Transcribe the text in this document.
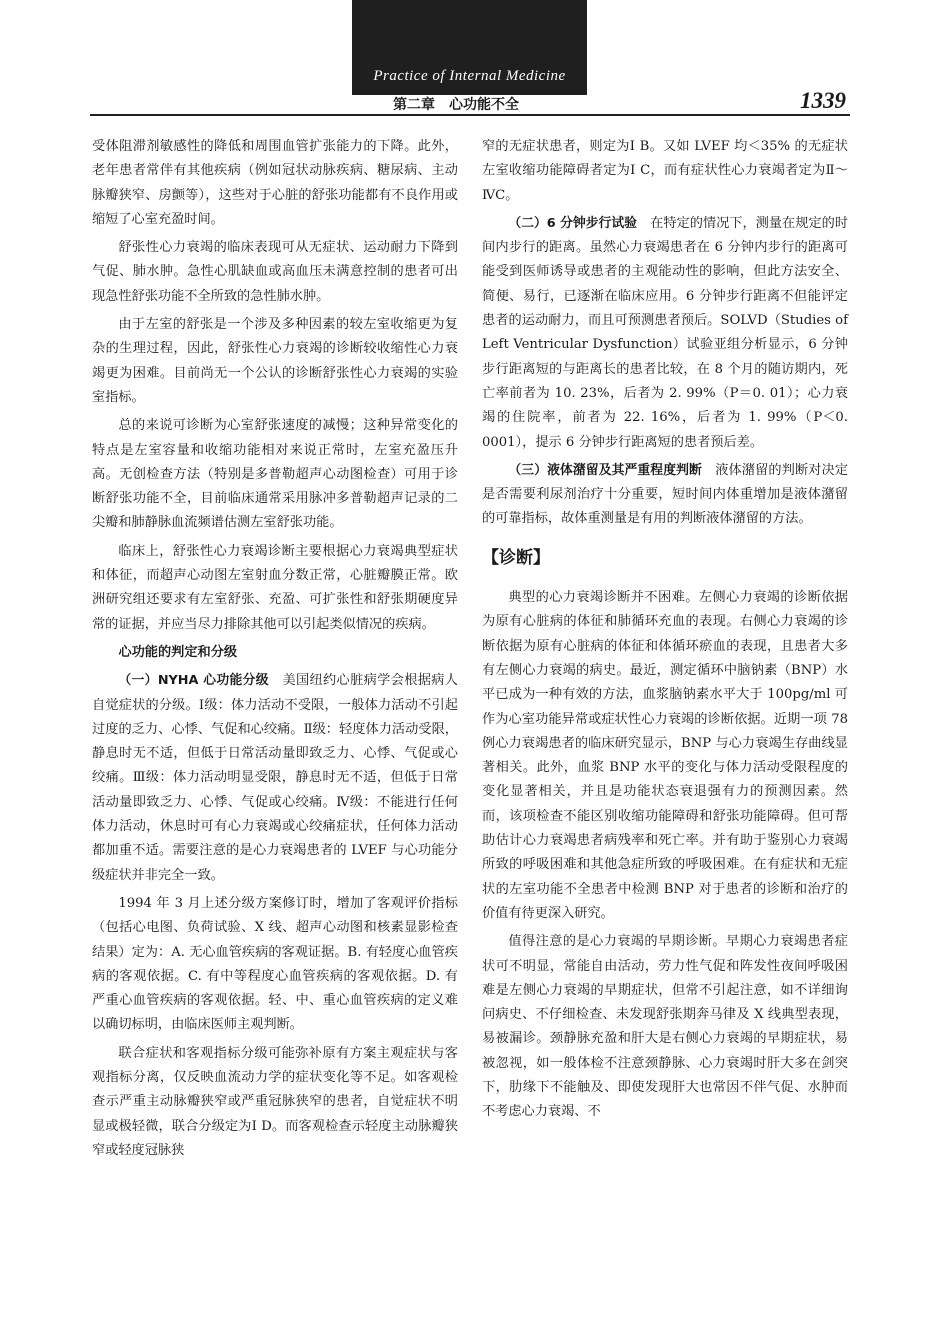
Practice of Internal Medicine
第二章　心功能不全	1339

受体阻滞剂敏感性的降低和周围血管扩张能力的下降。此外，老年患者常伴有其他疾病（例如冠状动脉疾病、糖尿病、主动脉瓣狭窄、房颤等），这些对于心脏的舒张功能都有不良作用或缩短了心室充盈时间。

舒张性心力衰竭的临床表现可从无症状、运动耐力下降到气促、肺水肿。急性心肌缺血或高血压未满意控制的患者可出现急性舒张功能不全所致的急性肺水肿。

由于左室的舒张是一个涉及多种因素的较左室收缩更为复杂的生理过程，因此，舒张性心力衰竭的诊断较收缩性心力衰竭更为困难。目前尚无一个公认的诊断舒张性心力衰竭的实验室指标。

总的来说可诊断为心室舒张速度的减慢；这种异常变化的特点是左室容量和收缩功能相对来说正常时，左室充盈压升高。无创检查方法（特别是多普勒超声心动图检查）可用于诊断舒张功能不全，目前临床通常采用脉冲多普勒超声记录的二尖瓣和肺静脉血流频谱估测左室舒张功能。

临床上，舒张性心力衰竭诊断主要根据心力衰竭典型症状和体征，而超声心动图左室射血分数正常，心脏瓣膜正常。欧洲研究组还要求有左室舒张、充盈、可扩张性和舒张期硬度异常的证据，并应当尽力排除其他可以引起类似情况的疾病。

心功能的判定和分级

（一）NYHA 心功能分级　 美国纽约心脏病学会根据病人自觉症状的分级。Ⅰ级：体力活动不受限，一般体力活动不引起过度的乏力、心悸、气促和心绞痛。Ⅱ级：轻度体力活动受限，静息时无不适，但低于日常活动量即致乏力、心悸、气促或心绞痛。Ⅲ级：体力活动明显受限，静息时无不适，但低于日常活动量即致乏力、心悸、气促或心绞痛。Ⅳ级：不能进行任何体力活动，休息时可有心力衰竭或心绞痛症状，任何体力活动都加重不适。需要注意的是心力衰竭患者的 LVEF 与心功能分级症状并非完全一致。

1994 年 3 月上述分级方案修订时，增加了客观评价指标（包括心电图、负荷试验、X 线、超声心动图和核素显影检查结果）定为：A. 无心血管疾病的客观证据。B. 有轻度心血管疾病的客观依据。C. 有中等程度心血管疾病的客观依据。D. 有严重心血管疾病的客观依据。轻、中、重心血管疾病的定义难以确切标明，由临床医师主观判断。

联合症状和客观指标分级可能弥补原有方案主观症状与客观指标分离，仅反映血流动力学的症状变化等不足。如客观检查示严重主动脉瓣狭窄或严重冠脉狭窄的患者，自觉症状不明显或极轻微，联合分级定为Ⅰ D。而客观检查示轻度主动脉瓣狭窄或轻度冠脉狭

窄的无症状患者，则定为Ⅰ B。又如 LVEF 均＜35% 的无症状左室收缩功能障碍者定为Ⅰ C，而有症状性心力衰竭者定为Ⅱ～ⅣC。

（二）6 分钟步行试验　 在特定的情况下，测量在规定的时间内步行的距离。虽然心力衰竭患者在 6 分钟内步行的距离可能受到医师诱导或患者的主观能动性的影响，但此方法安全、简便、易行，已逐渐在临床应用。6 分钟步行距离不但能评定患者的运动耐力，而且可预测患者预后。SOLVD（Studies of Left Ventricular Dysfunction）试验亚组分析显示，6 分钟步行距离短的与距离长的患者比较，在 8 个月的随访期内，死亡率前者为 10. 23%，后者为 2. 99%（P＝0. 01）；心力衰竭的住院率，前者为 22. 16%，后者为 1. 99%（P＜0. 0001），提示 6 分钟步行距离短的患者预后差。

（三）液体潴留及其严重程度判断　 液体潴留的判断对决定是否需要利尿剂治疗十分重要，短时间内体重增加是液体潴留的可靠指标，故体重测量是有用的判断液体潴留的方法。

【诊断】

典型的心力衰竭诊断并不困难。左侧心力衰竭的诊断依据为原有心脏病的体征和肺循环充血的表现。右侧心力衰竭的诊断依据为原有心脏病的体征和体循环瘀血的表现，且患者大多有左侧心力衰竭的病史。最近，测定循环中脑钠素（BNP）水平已成为一种有效的方法，血浆脑钠素水平大于 100pg/ml 可作为心室功能异常或症状性心力衰竭的诊断依据。近期一项 78 例心力衰竭患者的临床研究显示，BNP 与心力衰竭生存曲线显著相关。此外，血浆 BNP 水平的变化与体力活动受限程度的变化显著相关，并且是功能状态衰退强有力的预测因素。然而，该项检查不能区别收缩功能障碍和舒张功能障碍。但可帮助估计心力衰竭患者病残率和死亡率。并有助于鉴别心力衰竭所致的呼吸困难和其他急症所致的呼吸困难。在有症状和无症状的左室功能不全患者中检测 BNP 对于患者的诊断和治疗的价值有待更深入研究。

值得注意的是心力衰竭的早期诊断。早期心力衰竭患者症状可不明显，常能自由活动，劳力性气促和阵发性夜间呼吸困难是左侧心力衰竭的早期症状，但常不引起注意，如不详细询问病史、不仔细检查、未发现舒张期奔马律及 X 线典型表现，易被漏诊。颈静脉充盈和肝大是右侧心力衰竭的早期症状，易被忽视，如一般体检不注意颈静脉、心力衰竭时肝大多在剑突下，肋缘下不能触及、即使发现肝大也常因不伴气促、水肿而不考虑心力衰竭、不
